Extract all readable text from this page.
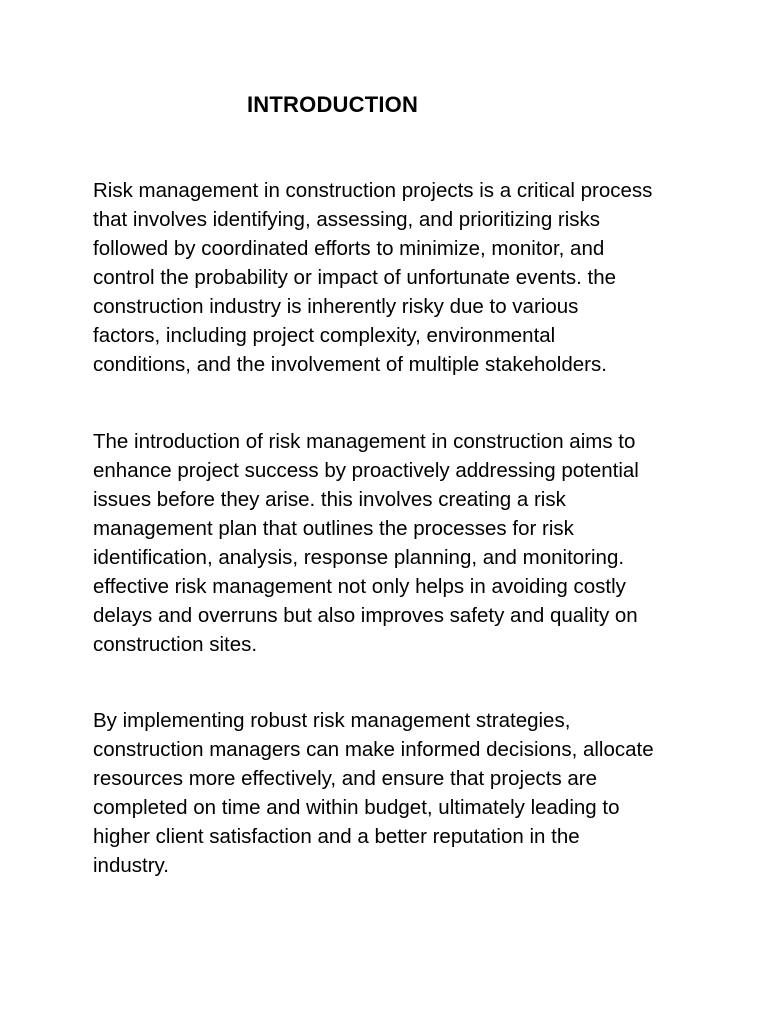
INTRODUCTION

Risk management in construction projects is a critical process
that involves identifying, assessing, and prioritizing risks
followed by coordinated efforts to minimize, monitor, and
control the probability or impact of unfortunate events. the
construction industry is inherently risky due to various
factors, including project complexity, environmental
conditions, and the involvement of multiple stakeholders.

The introduction of risk management in construction aims to
enhance project success by proactively addressing potential
issues before they arise. this involves creating a risk
management plan that outlines the processes for risk
identification, analysis, response planning, and monitoring.
effective risk management not only helps in avoiding costly
delays and overruns but also improves safety and quality on
construction sites.

By implementing robust risk management strategies,
construction managers can make informed decisions, allocate
resources more effectively, and ensure that projects are
completed on time and within budget, ultimately leading to
higher client satisfaction and a better reputation in the
industry.
